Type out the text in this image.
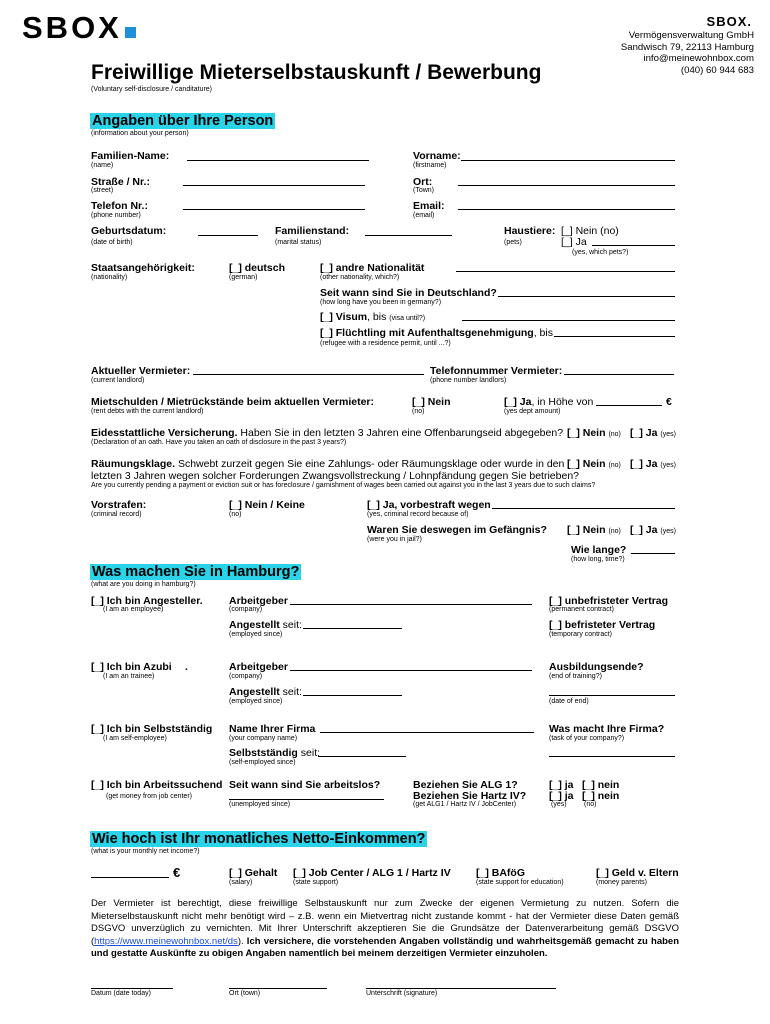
SBOX	SBOX.
Vermögensverwaltung GmbH
Sandwisch 79, 22113 Hamburg
info@meinewohnbox.com
(040) 60 944 683
Freiwillige Mieterselbstauskunft / Bewerbung
(Voluntary self-disclosure / canditature)
Angaben über Ihre Person
(information about your person)
Familien-Name:
(name)
Vorname:
(firstname)
Straße / Nr.:
(street)
Ort:
(Town)
Telefon Nr.:
(phone number)
Email:
(email)
Geburtsdatum:
(date of birth)
Familienstand:
(marital status)
Haustiere: [_] Nein (no)
(pets)	[_] Ja
(yes, which pets?)
Staatsangehörigkeit:
(nationality)
[_] deutsch
(german)
[_] andre Nationalität
(other nationality, which?)
Seit wann sind Sie in Deutschland?
(how long have you been in germany?)
[_] Visum, bis (visa until?)
[_] Flüchtling mit Aufenthaltsgenehmigung, bis
(refugee with a residence permit, until ...?)
Aktueller Vermieter:
(current landlord)
Telefonnummer Vermieter:
(phone number landlors)
Mietschulden / Mietrückstände beim aktuellen Vermieter:
(rent debts with the current landlord)
[_] Nein
(no)
[_] Ja, in Höhe von	€
(yes dept amount)
Eidesstattliche Versicherung. Haben Sie in den letzten 3 Jahren eine Offenbarungseid abgegeben? [_] Nein (no) [_] Ja (yes)
(Declaration of an oath. Have you taken an oath of disclosure in the past 3 years?)
Räumungsklage. Schwebt zurzeit gegen Sie eine Zahlungs- oder Räumungsklage oder wurde in den [_] Nein (no) [_] Ja (yes)
letzten 3 Jahren wegen solcher Forderungen Zwangsvollstreckung / Lohnpfändung gegen Sie betrieben?
Are you currently pending a payment or eviction suit or has foreclosure / garnishment of wages been carried out against you in the last 3 years due to such claims?
Vorstrafen:
(criminal record)
[_] Nein / Keine
(no)
[_] Ja, vorbestraft wegen
(yes, criminal record because of)
Waren Sie deswegen im Gefängnis?
(were you in jail?)
[_] Nein (no) [_] Ja (yes)
Wie lange?
(how long, time?)
Was machen Sie in Hamburg?
(what are you doing in hamburg?)
[_] Ich bin Angesteller.
(I am an employee)
Arbeitgeber
(company)
[_] unbefristeter Vertrag
(permanent contract)
Angestellt seit:
(employed since)
[_] befristeter Vertrag
(temporary contract)
[_] Ich bin Azubi .
(I am an trainee)
Arbeitgeber
(company)
Ausbildungsende?
(end of training?)
Angestellt seit:
(employed since)	(date of end)
[_] Ich bin Selbstständig
(I am self-employee)
Name Ihrer Firma
(your company name)
Was macht Ihre Firma?
(task of your company?)
Selbstständig seit:
(self-employed since)
[_] Ich bin Arbeitssuchend
(get money from job center)
Seit wann sind Sie arbeitslos?
(unemployed since)
Beziehen Sie ALG 1?
Beziehen Sie Hartz IV?
(get ALG1 / Hartz IV / JobCenter)
[_] ja [_] nein
[_] ja [_] nein
(yes) (no)
Wie hoch ist Ihr monatliches Netto-Einkommen?
(what is your monthly net income?)
€	[_] Gehalt
(salary)
[_] Job Center / ALG 1 / Hartz IV
(state support)
[_] BAföG
(state support for education)
[_] Geld v. Eltern
(money parents)
Der Vermieter ist berechtigt, diese freiwillige Selbstauskunft nur zum Zwecke der eigenen Vermietung zu nutzen. Sofern die Mieterselbstauskunft nicht mehr benötigt wird – z.B. wenn ein Mietvertrag nicht zustande kommt - hat der Vermieter diese Daten gemäß DSGVO unverzüglich zu vernichten. Mit Ihrer Unterschrift akzeptieren Sie die Grundsätze der Datenverarbeitung gemäß DSGVO (https://www.meinewohnbox.net/ds). Ich versichere, die vorstehenden Angaben vollständig und wahrheitsgemäß gemacht zu haben und gestatte Auskünfte zu obigen Angaben namentlich bei meinem derzeitigen Vermieter einzuholen.
Datum (date today)	Ort (town)	Unterschrift (signature)
